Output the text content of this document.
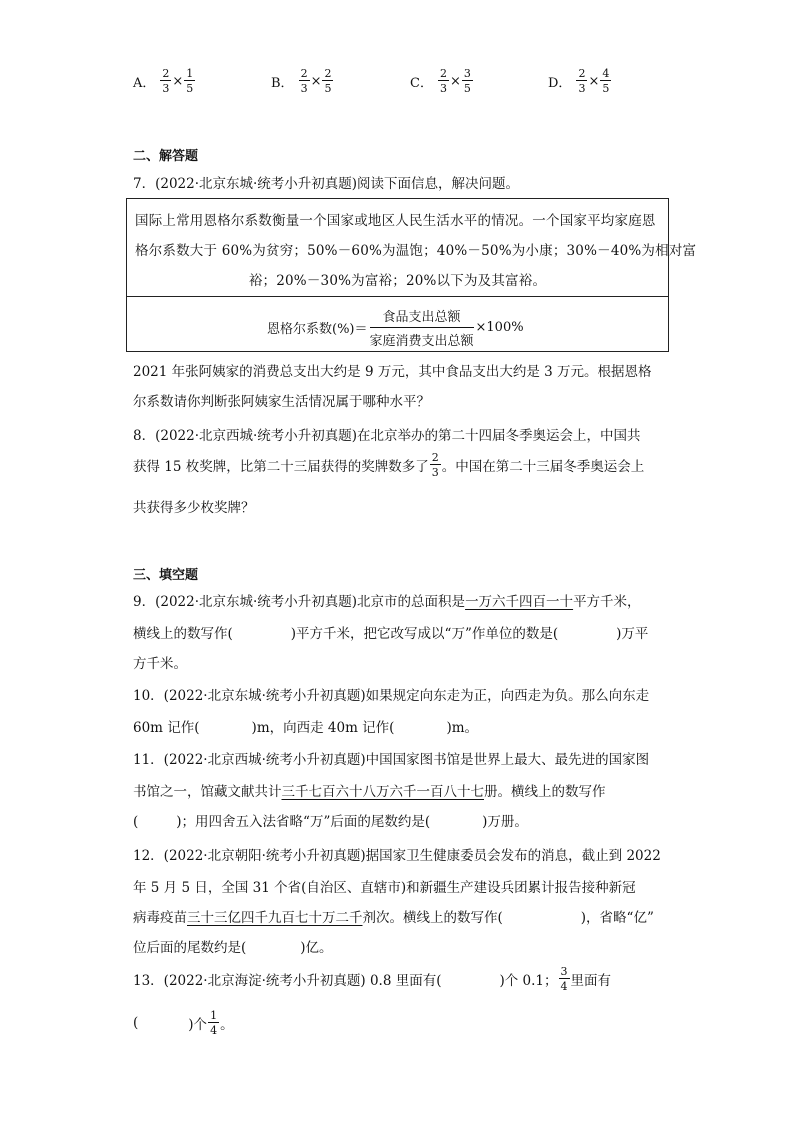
A． $\frac{2}{3} \times \frac{1}{5}$	B． $\frac{2}{3} \times \frac{2}{5}$	C． $\frac{2}{3} \times \frac{3}{5}$	D． $\frac{2}{3} \times \frac{4}{5}$
二、解答题
7．(2022·北京东城·统考小升初真题)阅读下面信息，解决问题。
国际上常用恩格尔系数衡量一个国家或地区人民生活水平的情况。一个国家平均家庭恩
格尔系数大于 60%为贫穷；50%－60%为温饱；40%－50%为小康；30%－40%为相对富
裕；20%－30%为富裕；20%以下为及其富裕。
恩格尔系数(%)＝ $\frac{\text{食品支出总额}}{\text{家庭消费支出总额}} \times 100\%$
2021 年张阿姨家的消费总支出大约是 9 万元，其中食品支出大约是 3 万元。根据恩格
尔系数请你判断张阿姨家生活情况属于哪种水平？
8．(2022·北京西城·统考小升初真题)在北京举办的第二十四届冬季奥运会上，中国共
获得 15 枚奖牌，比第二十三届获得的奖牌数多了 $\frac{2}{3}$ 。中国在第二十三届冬季奥运会上
共获得多少枚奖牌？
三、填空题
9．(2022·北京东城·统考小升初真题)北京市的总面积是一万六千四百一十平方千米，
横线上的数写作(	)平方千米，把它改写成以“万”作单位的数是(	)万平
方千米。
10．(2022·北京东城·统考小升初真题)如果规定向东走为正，向西走为负。那么向东走
60m 记作(	)m，向西走 40m 记作(	)m。
11．(2022·北京西城·统考小升初真题)中国国家图书馆是世界上最大、最先进的国家图
书馆之一，馆藏文献共计三千七百六十八万六千一百八十七册。横线上的数写作
(	)；用四舍五入法省略“万”后面的尾数约是(	)万册。
12．(2022·北京朝阳·统考小升初真题)据国家卫生健康委员会发布的消息，截止到 2022
年 5 月 5 日，全国 31 个省(自治区、直辖市)和新疆生产建设兵团累计报告接种新冠
病毒疫苗三十三亿四千九百七十万二千剂次。横线上的数写作(	)，省略“亿”
位后面的尾数约是(	)亿。
13．(2022·北京海淀·统考小升初真题) 0.8 里面有(	)个 0.1； $\frac{3}{4}$ 里面有
(	)个 $\frac{1}{4}$ 。
